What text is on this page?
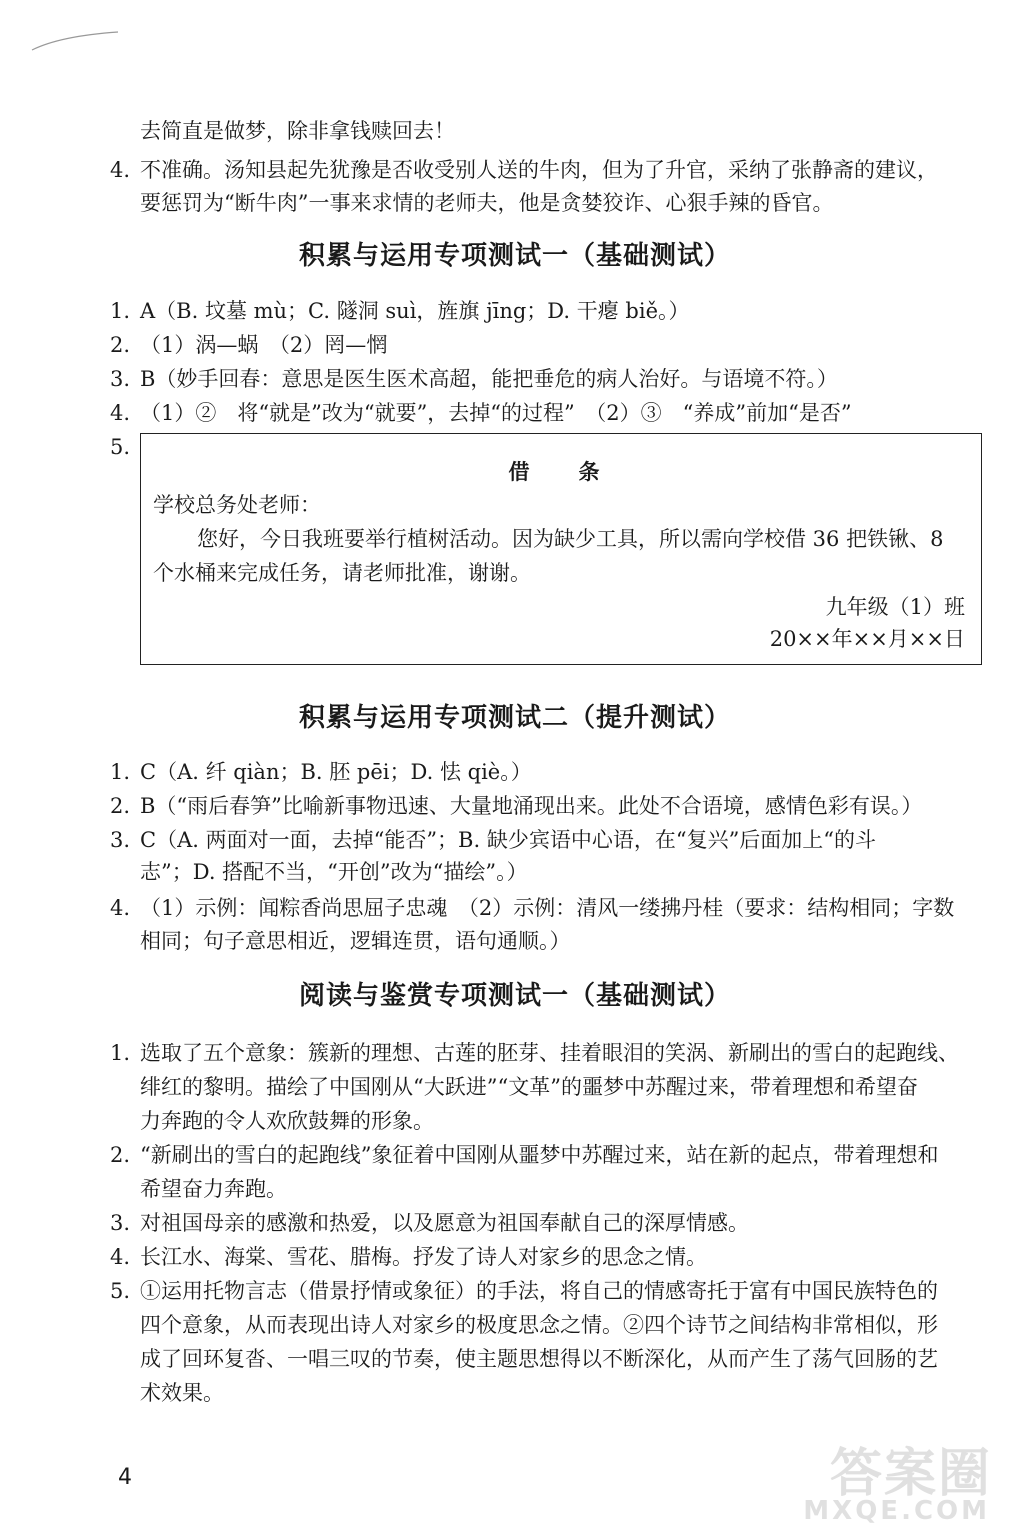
去简直是做梦，除非拿钱赎回去！
4. 不准确。汤知县起先犹豫是否收受别人送的牛肉，但为了升官，采纳了张静斋的建议，
要惩罚为“断牛肉”一事来求情的老师夫，他是贪婪狡诈、心狠手辣的昏官。
积累与运用专项测试一（基础测试）
1. A（B. 坟墓 mù；C. 隧洞 suì，旌旗 jīng；D. 干瘪 biě。）
2. （1）涡—蜗　（2）罔—惘
3. B（妙手回春：意思是医生医术高超，能把垂危的病人治好。与语境不符。）
4. （1）②　将“就是”改为“就要”，去掉“的过程”　（2）③　“养成”前加“是否”
5.
借　条
学校总务处老师：
您好，今日我班要举行植树活动。因为缺少工具，所以需向学校借 36 把铁锹、8
个水桶来完成任务，请老师批准，谢谢。
九年级（1）班
20××年××月××日
积累与运用专项测试二（提升测试）
1. C（A. 纤 qiàn；B. 胚 pēi；D. 怯 qiè。）
2. B（“雨后春笋”比喻新事物迅速、大量地涌现出来。此处不合语境，感情色彩有误。）
3. C（A. 两面对一面，去掉“能否”；B. 缺少宾语中心语，在“复兴”后面加上“的斗
志”；D. 搭配不当，“开创”改为“描绘”。）
4. （1）示例：闻粽香尚思屈子忠魂　（2）示例：清风一缕拂丹桂（要求：结构相同；字数
相同；句子意思相近，逻辑连贯，语句通顺。）
阅读与鉴赏专项测试一（基础测试）
1. 选取了五个意象：簇新的理想、古莲的胚芽、挂着眼泪的笑涡、新刷出的雪白的起跑线、
绯红的黎明。描绘了中国刚从“大跃进”“文革”的噩梦中苏醒过来，带着理想和希望奋
力奔跑的令人欢欣鼓舞的形象。
2. “新刷出的雪白的起跑线”象征着中国刚从噩梦中苏醒过来，站在新的起点，带着理想和
希望奋力奔跑。
3. 对祖国母亲的感激和热爱，以及愿意为祖国奉献自己的深厚情感。
4. 长江水、海棠、雪花、腊梅。抒发了诗人对家乡的思念之情。
5. ①运用托物言志（借景抒情或象征）的手法，将自己的情感寄托于富有中国民族特色的
四个意象，从而表现出诗人对家乡的极度思念之情。②四个诗节之间结构非常相似，形
成了回环复沓、一唱三叹的节奏，使主题思想得以不断深化，从而产生了荡气回肠的艺
术效果。
4	答案圈
MXQE.COM
